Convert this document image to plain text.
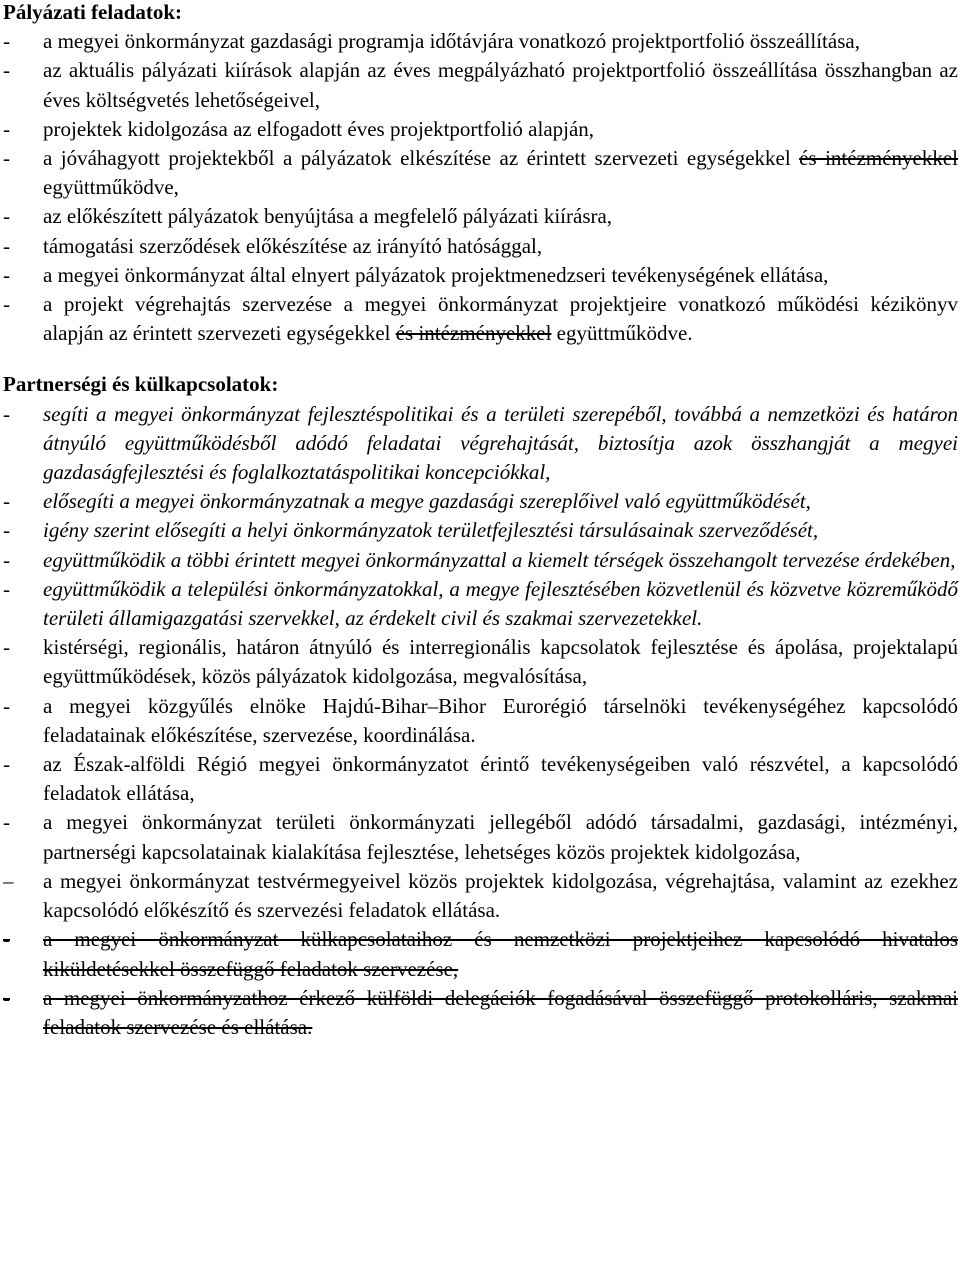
Pályázati feladatok:

- a megyei önkormányzat gazdasági programja időtávjára vonatkozó projektportfolió összeállítása,
- az aktuális pályázati kiírások alapján az éves megpályázható projektportfolió összeállítása összhangban az éves költségvetés lehetőségeivel,
- projektek kidolgozása az elfogadott éves projektportfolió alapján,
- a jóváhagyott projektekből a pályázatok elkészítése az érintett szervezeti egységekkel és intézményekkel együttműködve,
- az előkészített pályázatok benyújtása a megfelelő pályázati kiírásra,
- támogatási szerződések előkészítése az irányító hatósággal,
- a megyei önkormányzat által elnyert pályázatok projektmenedzseri tevékenységének ellátása,
- a projekt végrehajtás szervezése a megyei önkormányzat projektjeire vonatkozó működési kézikönyv alapján az érintett szervezeti egységekkel és intézményekkel együttműködve.

Partnerségi és külkapcsolatok:

- segíti a megyei önkormányzat fejlesztéspolitikai és a területi szerepéből, továbbá a nemzetközi és határon átnyúló együttműködésből adódó feladatai végrehajtását, biztosítja azok összhangját a megyei gazdaságfejlesztési és foglalkoztatáspolitikai koncepciókkal,
- elősegíti a megyei önkormányzatnak a megye gazdasági szereplőivel való együttműködését,
- igény szerint elősegíti a helyi önkormányzatok területfejlesztési társulásainak szerveződését,
- együttműködik a többi érintett megyei önkormányzattal a kiemelt térségek összehangolt tervezése érdekében,
- együttműködik a települési önkormányzatokkal, a megye fejlesztésében közvetlenül és közvetve közreműködő területi államigazgatási szervekkel, az érdekelt civil és szakmai szervezetekkel.
- kistérségi, regionális, határon átnyúló és interregionális kapcsolatok fejlesztése és ápolása, projektalapú együttműködések, közös pályázatok kidolgozása, megvalósítása,
- a megyei közgyűlés elnöke Hajdú-Bihar–Bihor Eurorégió társelnöki tevékenységéhez kapcsolódó feladatainak előkészítése, szervezése, koordinálása.
- az Észak-alföldi Régió megyei önkormányzatot érintő tevékenységeiben való részvétel, a kapcsolódó feladatok ellátása,
- a megyei önkormányzat területi önkormányzati jellegéből adódó társadalmi, gazdasági, intézményi, partnerségi kapcsolatainak kialakítása fejlesztése, lehetséges közös projektek kidolgozása,
– a megyei önkormányzat testvérmegyeivel közös projektek kidolgozása, végrehajtása, valamint az ezekhez kapcsolódó előkészítő és szervezési feladatok ellátása.
- a megyei önkormányzat külkapcsolataihoz és nemzetközi projektjeihez kapcsolódó hivatalos kiküldetésekkel összefüggő feladatok szervezése,
- a megyei önkormányzathoz érkező külföldi delegációk fogadásával összefüggő protokolláris, szakmai feladatok szervezése és ellátása.
